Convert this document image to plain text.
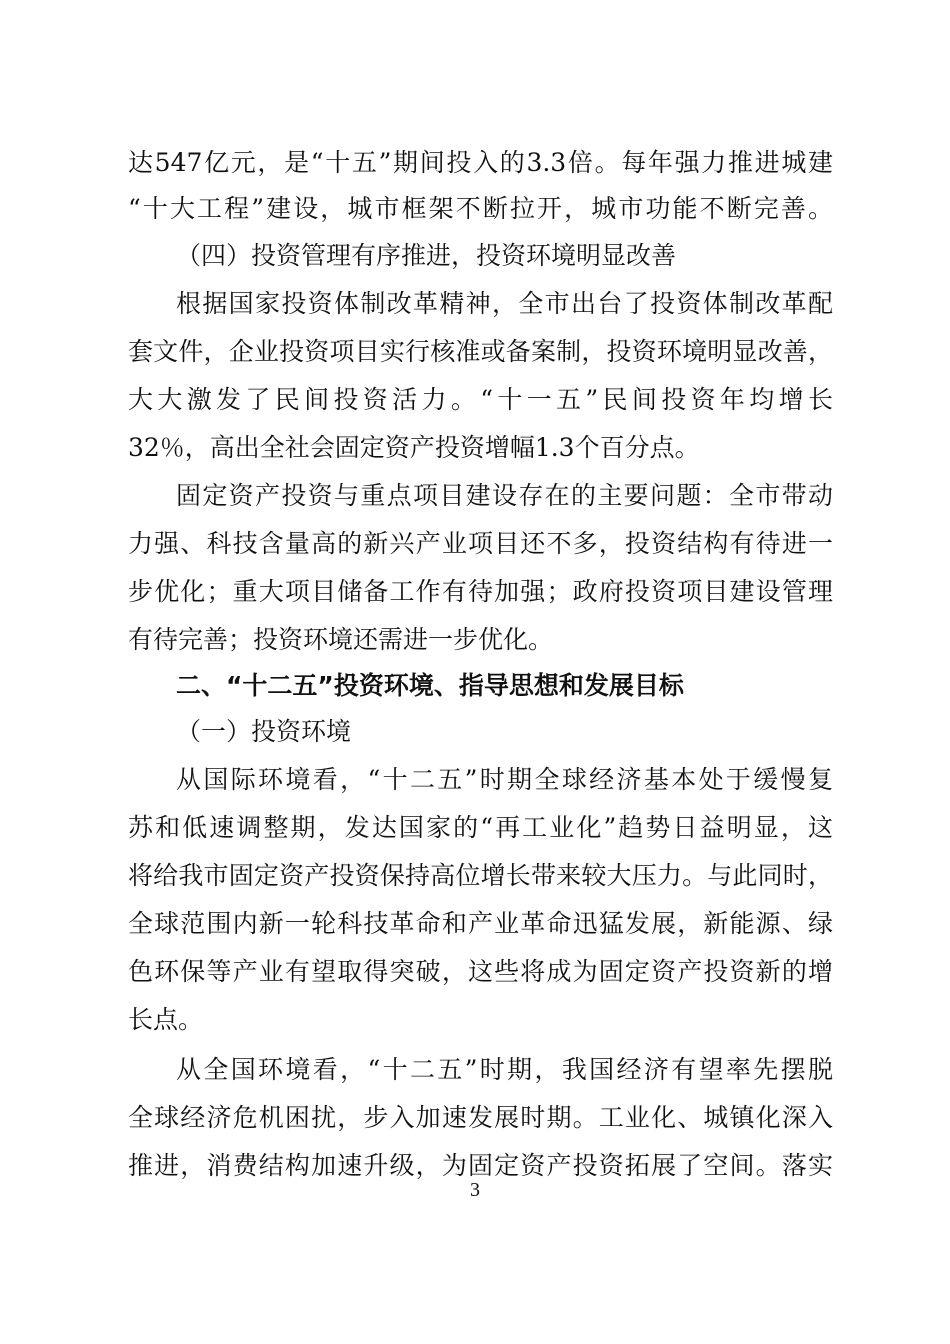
达547亿元，是“十五”期间投入的3.3倍。每年强力推进城建
“十大工程”建设，城市框架不断拉开，城市功能不断完善。
（四）投资管理有序推进，投资环境明显改善
根据国家投资体制改革精神，全市出台了投资体制改革配
套文件，企业投资项目实行核准或备案制，投资环境明显改善，
大大激发了民间投资活力。“十一五”民间投资年均增长
32％，高出全社会固定资产投资增幅1.3个百分点。
固定资产投资与重点项目建设存在的主要问题：全市带动
力强、科技含量高的新兴产业项目还不多，投资结构有待进一
步优化；重大项目储备工作有待加强；政府投资项目建设管理
有待完善；投资环境还需进一步优化。
二、“十二五”投资环境、指导思想和发展目标
（一）投资环境
从国际环境看，“十二五”时期全球经济基本处于缓慢复
苏和低速调整期，发达国家的“再工业化”趋势日益明显，这
将给我市固定资产投资保持高位增长带来较大压力。与此同时，
全球范围内新一轮科技革命和产业革命迅猛发展，新能源、绿
色环保等产业有望取得突破，这些将成为固定资产投资新的增
长点。
从全国环境看，“十二五”时期，我国经济有望率先摆脱
全球经济危机困扰，步入加速发展时期。工业化、城镇化深入
推进，消费结构加速升级，为固定资产投资拓展了空间。落实
3
